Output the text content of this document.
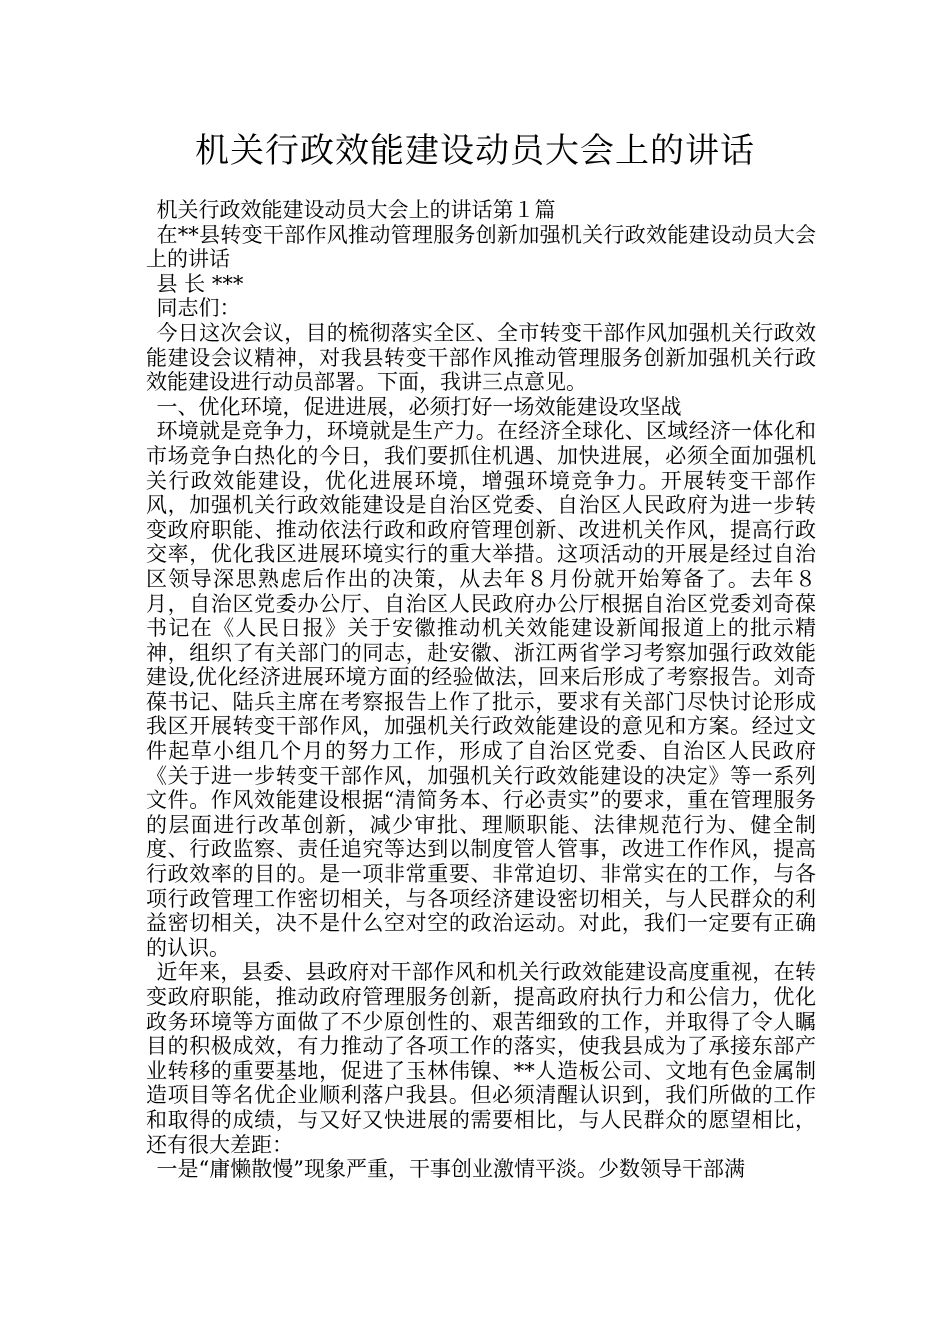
机关行政效能建设动员大会上的讲话

机关行政效能建设动员大会上的讲话第１篇

在**县转变干部作风推动管理服务创新加强机关行政效能建设动员大会上的讲话

县 长 ***

同志们：

今日这次会议，目的梳彻落实全区、全市转变干部作风加强机关行政效能建设会议精神，对我县转变干部作风推动管理服务创新加强机关行政效能建设进行动员部署。下面，我讲三点意见。

一、优化环境，促进进展，必须打好一场效能建设攻坚战

环境就是竞争力，环境就是生产力。在经济全球化、区域经济一体化和市场竞争白热化的今日，我们要抓住机遇、加快进展，必须全面加强机关行政效能建设，优化进展环境，增强环境竞争力。开展转变干部作风，加强机关行政效能建设是自治区党委、自治区人民政府为进一步转变政府职能、推动依法行政和政府管理创新、改进机关作风，提高行政交率，优化我区进展环境实行的重大举措。这项活动的开展是经过自治区领导深思熟虑后作出的决策，从去年８月份就开始筹备了。去年８月，自治区党委办公厅、自治区人民政府办公厅根据自治区党委刘奇葆书记在《人民日报》关于安徽推动机关效能建设新闻报道上的批示精神，组织了有关部门的同志，赴安徽、浙江两省学习考察加强行政效能建设,优化经济进展环境方面的经验做法，回来后形成了考察报告。刘奇葆书记、陆兵主席在考察报告上作了批示，要求有关部门尽快讨论形成我区开展转变干部作风，加强机关行政效能建设的意见和方案。经过文件起草小组几个月的努力工作，形成了自治区党委、自治区人民政府《关于进一步转变干部作风，加强机关行政效能建设的决定》等一系列文件。作风效能建设根据“清简务本、行必责实”的要求，重在管理服务的层面进行改革创新，减少审批、理顺职能、法律规范行为、健全制度、行政监察、责任追究等达到以制度管人管事，改进工作作风，提高行政效率的目的。是一项非常重要、非常迫切、非常实在的工作，与各项行政管理工作密切相关，与各项经济建设密切相关，与人民群众的利益密切相关，决不是什么空对空的政治运动。对此，我们一定要有正确的认识。

近年来，县委、县政府对干部作风和机关行政效能建设高度重视，在转变政府职能，推动政府管理服务创新，提高政府执行力和公信力，优化政务环境等方面做了不少原创性的、艰苦细致的工作，并取得了令人瞩目的积极成效，有力推动了各项工作的落实，使我县成为了承接东部产业转移的重要基地，促进了玉林伟镍、**人造板公司、文地有色金属制造项目等名优企业顺利落户我县。但必须清醒认识到，我们所做的工作和取得的成绩，与又好又快进展的需要相比，与人民群众的愿望相比，还有很大差距：

一是“庸懒散慢”现象严重，干事创业激情平淡。少数领导干部满
